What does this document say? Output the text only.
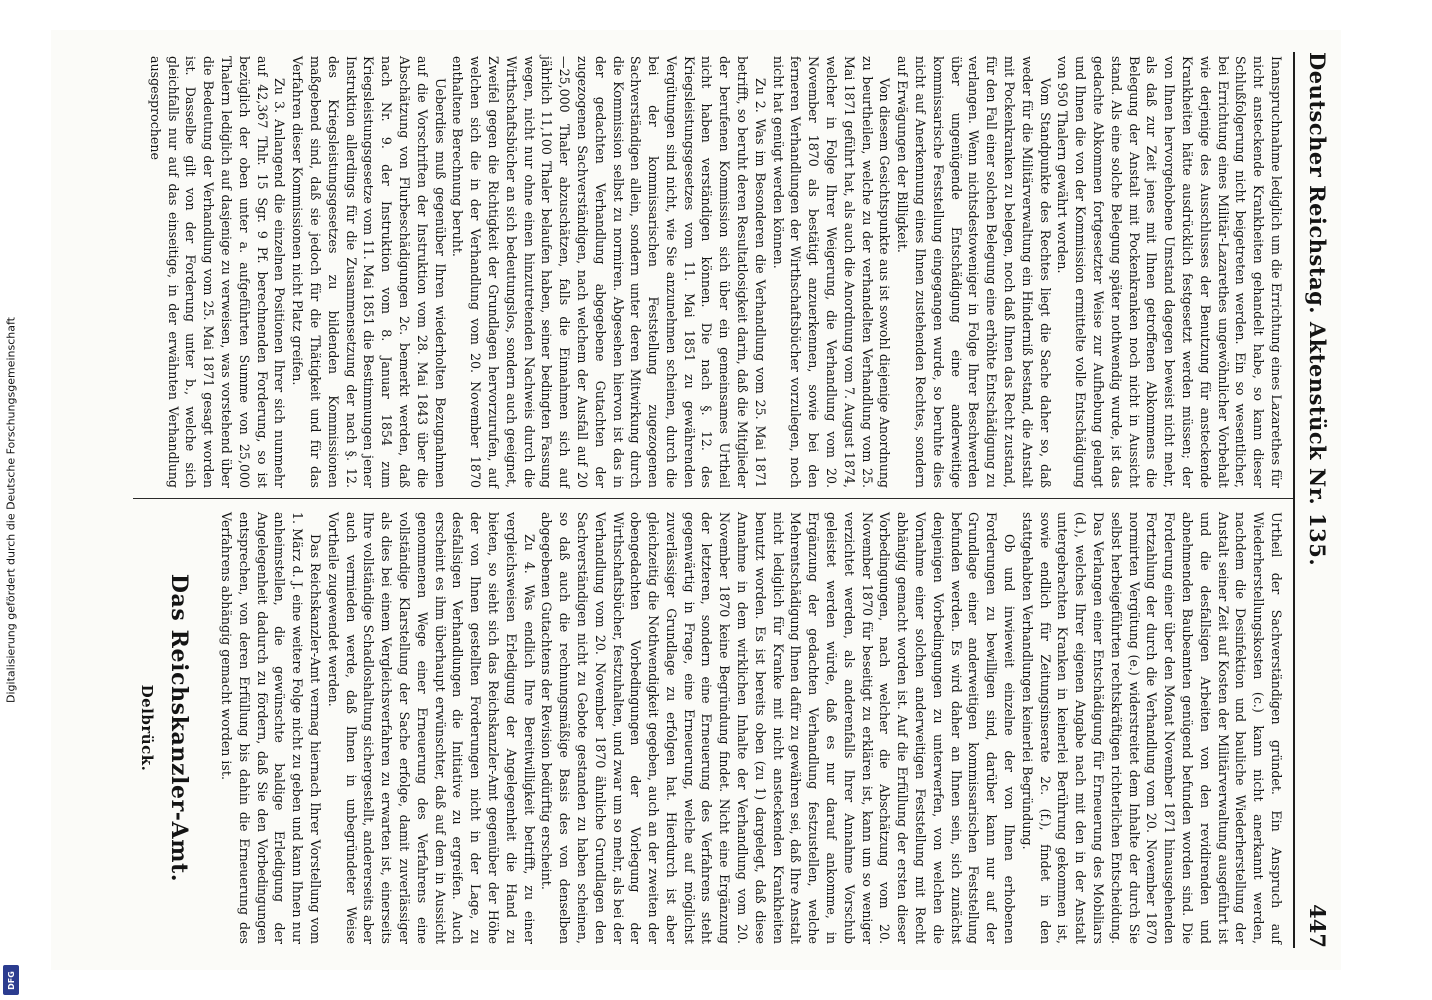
Deutscher Reichstag. Aktenstück Nr. 135.
447

Inanspruchnahme lediglich um die Errichtung eines Lazarethes für nicht ansteckende Krankheiten gehandelt habe, so kann dieser Schlußfolgerung nicht beigetreten werden. Ein so wesentlicher, bei Errichtung eines Militär-Lazarethes ungewöhnlicher Vorbehalt wie derjenige des Ausschlusses der Benutzung für ansteckende Krankheiten hätte ausdrücklich festgesetzt werden müssen; der von Ihnen hervorgehobene Umstand dagegen beweist nicht mehr, als daß zur Zeit jenes mit Ihnen getroffenen Abkommens die Belegung der Anstalt mit Pockenkranken noch nicht in Aussicht stand. Als eine solche Belegung später nothwendig wurde, ist das gedachte Abkommen fortgesetzter Weise zur Aufhebung gelangt und Ihnen die von der Kommission ermittelte volle Entschädigung von 950 Thalern gewährt worden.

Vom Standpunkte des Rechtes liegt die Sache daher so, daß weder für die Militärverwaltung ein Hinderniß bestand, die Anstalt mit Pockenkranken zu belegen, noch daß Ihnen das Recht zustand, für den Fall einer solchen Belegung eine erhöhte Entschädigung zu verlangen. Wenn nichtsdestoweniger in Folge Ihrer Beschwerden über ungenügende Entschädigung eine anderweitige kommissarische Feststellung eingegangen wurde, so beruhte dies nicht auf Anerkennung eines Ihnen zustehenden Rechtes, sondern auf Erwägungen der Billigkeit.

Von diesem Gesichtspunkte aus ist sowohl diejenige Anordnung zu beurtheilen, welche zu der verhandelten Verhandlung vom 25. Mai 1871 geführt hat, als auch die Anordnung vom 7. August 1874, welcher in Folge Ihrer Weigerung, die Verhandlung vom 20. November 1870 als bestätigt anzuerkennen, sowie bei den ferneren Verhandlungen der Wirthschaftsbücher vorzulegen, noch nicht hat genügt werden können.

Zu 2. Was im Besonderen die Verhandlung vom 25. Mai 1871 betrifft, so beruht deren Resultatlosigkeit darin, daß die Mitglieder der berufenen Kommission sich über ein gemeinsames Urtheil nicht haben verständigen können. Die nach §. 12. des Kriegsleistungsgesetzes vom 11. Mai 1851 zu gewährenden Vergütungen sind nicht, wie Sie anzunehmen scheinen, durch die bei der kommissarischen Feststellung zugezogenen Sachverständigen allein, sondern unter deren Mitwirkung durch die Kommission selbst zu normiren. Abgesehen hiervon ist das in der gedachten Verhandlung abgegebene Gutachten der zugezogenen Sachverständigen, nach welchem der Ausfall auf 20—25,000 Thaler abzuschätzen, falls die Einnahmen sich auf jährlich 11,100 Thaler belaufen haben, seiner bedingten Fassung wegen, nicht nur ohne einen hinzutretenden Nachweis durch die Wirthschaftsbücher an sich bedeutungslos, sondern auch geeignet, Zweifel gegen die Richtigkeit der Grundlagen hervorzurufen, auf welchen sich die in der Verhandlung vom 20. November 1870 enthaltene Berechnung beruht.

Ueberdies muß gegenüber Ihren wiederholten Bezugnahmen auf die Vorschriften der Instruktion vom 28. Mai 1843 über die Abschätzung von Flurbeschädigungen 2c. bemerkt werden, daß nach Nr. 9. der Instruktion vom 8. Januar 1854 zum Kriegsleistungsgesetze vom 11. Mai 1851 die Bestimmungen jener Instruktion allerdings für die Zusammensetzung der nach §. 12. des Kriegsleistungsgesetzes zu bildenden Kommissionen maßgebend sind, daß sie jedoch für die Thätigkeit und für das Verfahren dieser Kommissionen nicht Platz greifen.

Zu 3. Anlangend die einzelnen Positionen Ihrer sich nunmehr auf 42,367 Thlr. 15 Sgr. 9 Pf. berechnenden Forderung, so ist bezüglich der oben unter a. aufgeführten Summe von 25,000 Thalern lediglich auf dasjenige zu verweisen, was vorstehend über die Bedeutung der Verhandlung vom 25. Mai 1871 gesagt worden ist. Dasselbe gilt von der Forderung unter b., welche sich gleichfalls nur auf das einseitige, in der erwähnten Verhandlung ausgesprochene

Urtheil der Sachverständigen gründet. Ein Anspruch auf Wiederherstellungskosten (c.) kann nicht anerkannt werden, nachdem die Desinfektion und bauliche Wiederherstellung der Anstalt seiner Zeit auf Kosten der Militärverwaltung ausgeführt ist und die desfallsigen Arbeiten von den revidirenden und abnehmenden Baubeamten genügend befunden worden sind. Die Forderung einer über den Monat November 1871 hinausgehenden Fortzahlung der durch die Verhandlung vom 20. November 1870 normirten Vergütung (e.) widerstreitet dem Inhalte der durch Sie selbst herbeigeführten rechtskräftigen richterlichen Entscheidung. Das Verlangen einer Entschädigung für Erneuerung des Mobiliars (d.), welches Ihrer eigenen Angabe nach mit den in der Anstalt untergebrachten Kranken in keinerlei Berührung gekommen ist, sowie endlich für Zeitungsinserate 2c. (f.), findet in den stattgehabten Verhandlungen keinerlei Begründung.

Ob und inwieweit einzelne der von Ihnen erhobenen Forderungen zu bewilligen sind, darüber kann nur auf der Grundlage einer anderweitigen kommissarischen Feststellung befunden werden. Es wird daher an Ihnen sein, sich zunächst denjenigen Vorbedingungen zu unterwerfen, von welchen die Vornahme einer solchen anderweitigen Feststellung mit Recht abhängig gemacht worden ist. Auf die Erfüllung der ersten dieser Vorbedingungen, nach welcher die Abschätzung vom 20. November 1870 für beseitigt zu erklären ist, kann um so weniger verzichtet werden, als anderenfalls Ihrer Annahme Vorschub geleistet werden würde, daß es nur darauf ankomme, in Ergänzung der gedachten Verhandlung festzustellen, welche Mehrentschädigung Ihnen dafür zu gewähren sei, daß Ihre Anstalt nicht lediglich für Kranke mit nicht ansteckenden Krankheiten benutzt worden. Es ist bereits oben (zu 1) dargelegt, daß diese Annahme in dem wirklichen Inhalte der Verhandlung vom 20. November 1870 keine Begründung findet. Nicht eine Ergänzung der letzteren, sondern eine Erneuerung des Verfahrens steht gegenwärtig in Frage, eine Erneuerung, welche auf möglichst zuverlässiger Grundlage zu erfolgen hat. Hierdurch ist aber gleichzeitig die Nothwendigkeit gegeben, auch an der zweiten der obengedachten Vorbedingungen der Vorlegung der Wirthschaftsbücher, festzuhalten, und zwar um so mehr, als bei der Verhandlung vom 20. November 1870 ähnliche Grundlagen den Sachverständigen nicht zu Gebote gestanden zu haben scheinen, so daß auch die rechnungsmäßige Basis des von denselben abgegebenen Gutachtens der Revision bedürftig erscheint.

Zu 4. Was endlich Ihre Bereitwilligkeit betrifft, zu einer vergleichsweisen Erledigung der Angelegenheit die Hand zu bieten, so sieht sich das Reichskanzler-Amt gegenüber der Höhe der von Ihnen gestellten Forderungen nicht in der Lage, zu desfallsigen Verhandlungen die Initiative zu ergreifen. Auch erscheint es ihm überhaupt erwünschter, daß auf dem in Aussicht genommenen Wege einer Erneuerung des Verfahrens eine vollständige Klarstellung der Sache erfolge, damit zuverlässiger als dies bei einem Vergleichsverfahren zu erwarten ist, einerseits Ihre vollständige Schadloshaltung sichergestellt, andererseits aber auch vermieden werde, daß Ihnen in unbegründeter Weise Vortheile zugewendet werden.

Das Reichskanzler-Amt vermag hiernach Ihrer Vorstellung vom 1. März d. J. eine weitere Folge nicht zu geben und kann Ihnen nur anheimstellen, die gewünschte baldige Erledigung der Angelegenheit dadurch zu fördern, daß Sie den Vorbedingungen entsprechen, von deren Erfüllung bis dahin die Erneuerung des Verfahrens abhängig gemacht worden ist.

Das Reichskanzler-Amt.
Delbrück.
Digitalisierung gefördert durch die Deutsche Forschungsgemeinschaft
DFG
